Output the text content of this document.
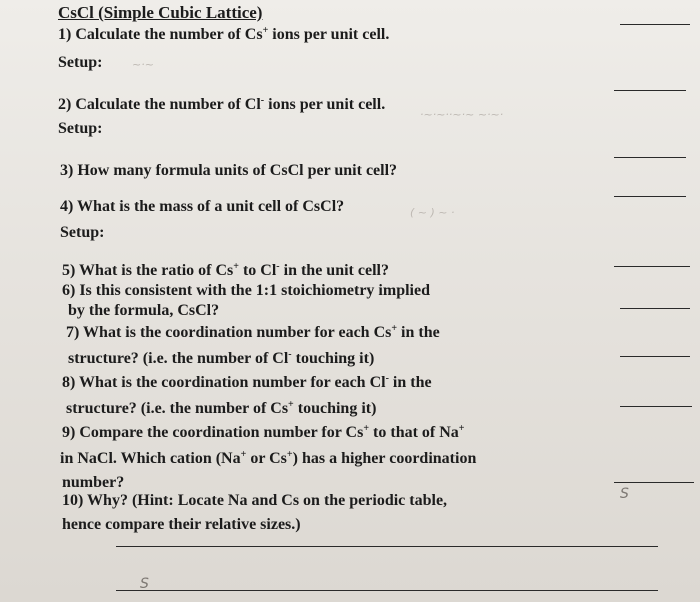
CsCl (Simple Cubic Lattice)
1) Calculate the number of Cs+ ions per unit cell.
Setup:	~·~
2) Calculate the number of Cl- ions per unit cell.
Setup:
·~·~··~·~ ~·~·
3) How many formula units of CsCl per unit cell?
4) What is the mass of a unit cell of CsCl?
Setup:
( ~ ) ~ ·
5) What is the ratio of Cs+ to Cl- in the unit cell?
6) Is this consistent with the 1:1 stoichiometry implied
by the formula, CsCl?
7) What is the coordination number for each Cs+ in the
structure? (i.e. the number of Cl- touching it)
8) What is the coordination number for each Cl- in the
structure? (i.e. the number of Cs+ touching it)
9) Compare the coordination number for Cs+ to that of Na+
in NaCl. Which cation (Na+ or Cs+) has a higher coordination
number?
S
10) Why? (Hint: Locate Na and Cs on the periodic table,
hence compare their relative sizes.)
S
